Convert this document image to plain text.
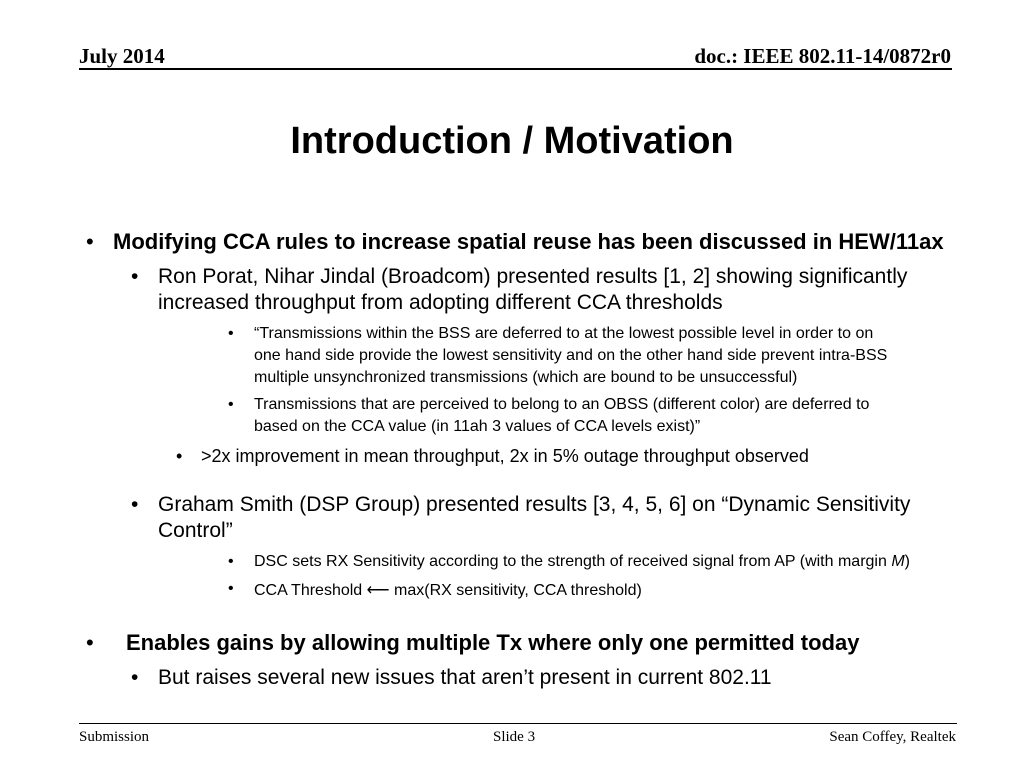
July 2014	doc.: IEEE 802.11-14/0872r0
Introduction / Motivation
• Modifying CCA rules to increase spatial reuse has been discussed in HEW/11ax
• Ron Porat, Nihar Jindal (Broadcom) presented results [1, 2] showing significantly
increased throughput from adopting different CCA thresholds
• “Transmissions within the BSS are deferred to at the lowest possible level in order to on
one hand side provide the lowest sensitivity and on the other hand side prevent intra-BSS
multiple unsynchronized transmissions (which are bound to be unsuccessful)
• Transmissions that are perceived to belong to an OBSS (different color) are deferred to
based on the CCA value (in 11ah 3 values of CCA levels exist)”
• >2x improvement in mean throughput, 2x in 5% outage throughput observed
• Graham Smith (DSP Group) presented results [3, 4, 5, 6] on “Dynamic Sensitivity
Control”
• DSC sets RX Sensitivity according to the strength of received signal from AP (with margin M)
• CCA Threshold ⟵ max(RX sensitivity, CCA threshold)
• Enables gains by allowing multiple Tx where only one permitted today
• But raises several new issues that aren’t present in current 802.11
Submission	Slide 3	Sean Coffey, Realtek
